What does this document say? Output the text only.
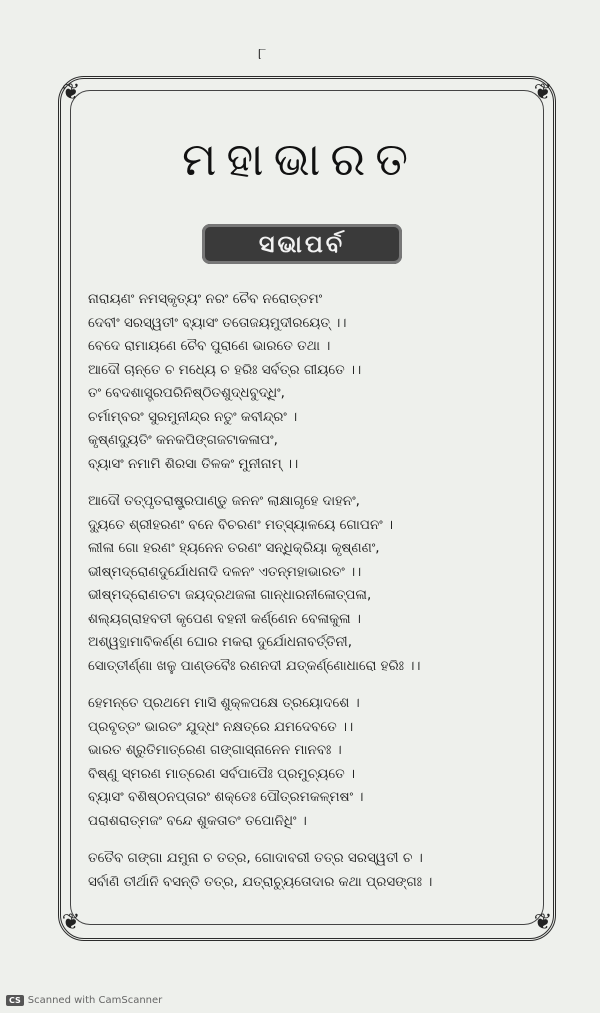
୮
❦	❦
❦	❦
ମହାଭାରତ
ସଭାପର୍ବ
ନାରାୟଣଂ ନମସ୍କୃତ୍ୟଂ ନରଂ ଚୈବ ନରୋତ୍ତମଂ
ଦେବୀଂ ସରସ୍ୱତୀଂ ବ୍ୟାସଂ ତତୋଜୟମୁଦୀରୟେତ୍ ।।
ବେଦେ ରାମାୟଣେ ଚୈବ ପୁରାଣେ ଭାରତେ ତଥା ।
ଆଦୌ ଚାନ୍ତେ ଚ ମଧ୍ୟେ ଚ ହରିଃ ସର୍ବତ୍ର ଗୀୟତେ ।।
ତଂ ବେଦଶାସ୍ତ୍ରପରିନିଷ୍ଠିତଶୁଦ୍ଧବୁଦ୍ଧିଂ,
ଚର୍ମାମ୍ବରଂ ସୁରମୁନୀନ୍ଦ୍ର ନତୁଂ କବୀନ୍ଦ୍ରଂ ।
କୃଷ୍ଣଦ୍ୟୁତିଂ କନକପିଙ୍ଗଜଟାକଳାପଂ,
ବ୍ୟାସଂ ନମାମି ଶିରସା ତିଳକଂ ମୁନୀନାମ୍ ।।
ଆଦୌ ତତ୍ପୃତରାଷ୍ଟ୍ରପାଣ୍ଡୁ ଜନନଂ ଲାକ୍ଷାଗୃହେ ଦାହନଂ,
ଦ୍ୟୁତେ ଶ୍ରୀହରଣଂ ବନେ ବିଚରଣଂ ମତ୍ସ୍ୟାଳୟେ ଗୋପନଂ ।
ଲୀଳା ଗୋ ହରଣଂ ହ୍ୟନେନ ତରଣଂ ସନ୍ଧିକ୍ରିୟା କୃଷ୍ଣଣଂ,
ଭୀଷ୍ମଦ୍ରୋଣଦୁର୍ଯୋଧନାଦି ଦଳନଂ ଏତନ୍ମହାଭାରତଂ ।।
ଭୀଷ୍ମଦ୍ରୋଣତଟା ଜୟଦ୍ରଥଜଳା ଗାନ୍ଧାରନୀଳୋତ୍ପଳା,
ଶଲ୍ୟଗ୍ରାହବତୀ କୃପେଣ ବହନୀ କର୍ଣ୍ଣେନ ବେଳାକୁଳା ।
ଅଶ୍ୱତ୍ଥାମାବିକର୍ଣ୍ଣ ଘୋର ମକରା ଦୁର୍ଯୋଧନାବର୍ତ୍ତିନୀ,
ସୋତ୍ତୀର୍ଣ୍ଣା ଖଳୁ ପାଣ୍ଡବୈଃ ରଣନଦୀ ଯତ୍କର୍ଣ୍ଣୋଧାରୋ ହରିଃ ।।
ହେମନ୍ତେ ପ୍ରଥମେ ମାସି ଶୁକ୍ଳପକ୍ଷେ ତ୍ରୟୋଦଶେ ।
ପ୍ରବୃତ୍ତଂ ଭାରତଂ ଯୁଦ୍ଧଂ ନକ୍ଷତ୍ରେ ଯମଦେବତେ ।।
ଭାରତ ଶ୍ରୁତିମାତ୍ରେଣ ଗଙ୍ଗାସ୍ନାନେନ ମାନବଃ ।
ବିଷ୍ଣୁ ସ୍ମରଣ ମାତ୍ରେଣ ସର୍ବପାପୈଃ ପ୍ରମୁଚ୍ୟତେ ।
ବ୍ୟାସଂ ବଶିଷ୍ଠନପ୍ତାରଂ ଶକ୍ତେଃ ପୌତ୍ରମକଳ୍ମଷଂ ।
ପରାଶରାତ୍ମଜଂ ବନ୍ଦେ ଶୁକତାତଂ ତପୋନିଧିଂ ।
ତତୈବ ଗଙ୍ଗା ଯମୁନା ଚ ତତ୍ର, ଗୋଦାବରୀ ତତ୍ର ସରସ୍ୱତୀ ଚ ।
ସର୍ବାଣି ତୀର୍ଥାନି ବସନ୍ତି ତତ୍ର, ଯତ୍ରାଚ୍ୟୁତୋଦାର କଥା ପ୍ରସଙ୍ଗଃ ।
CS Scanned with CamScanner
